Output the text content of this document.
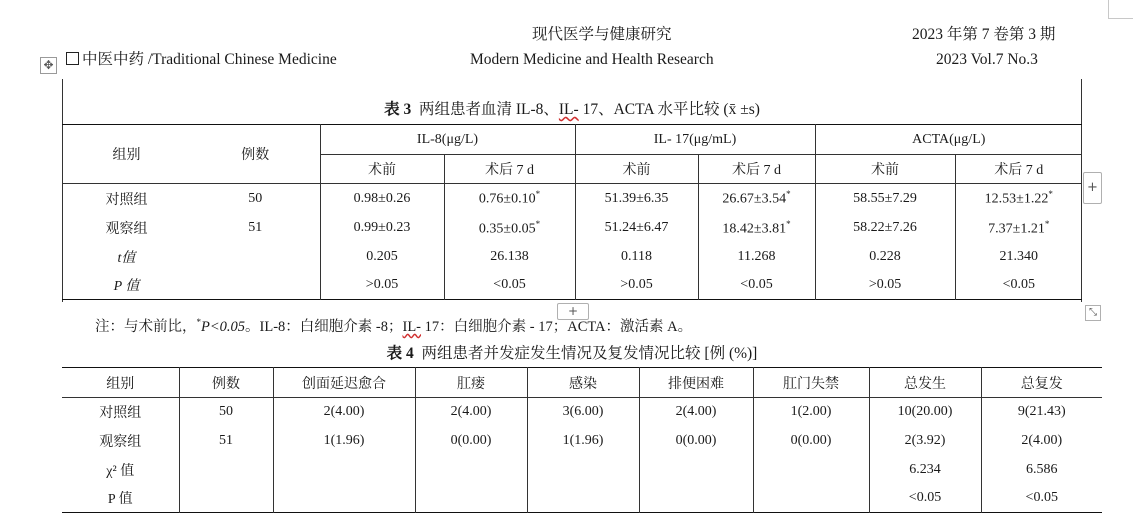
现代医学与健康研究
Modern Medicine and Health Research
2023 年第 7 卷第 3 期
2023 Vol.7 No.3
中医中药 /Traditional Chinese Medicine
✥
表 3 两组患者血清 IL-8、IL- 17、ACTA 水平比较 (x̄ ±s)
组别	例数	IL-8(μg/L)		IL- 17(μg/mL)		ACTA(μg/L)	
		术前	术后 7 d	术前	术后 7 d	术前	术后 7 d
对照组	50	0.98±0.26	0.76±0.10*	51.39±6.35	26.67±3.54*	58.55±7.29	12.53±1.22*
观察组	51	0.99±0.23	0.35±0.05*	51.24±6.47	18.42±3.81*	58.22±7.26	7.37±1.21*
t值		0.205	26.138	0.118	11.268	0.228	21.340
P 值		>0.05	<0.05	>0.05	<0.05	>0.05	<0.05
+
+	⤡
注：与术前比，*P<0.05。IL-8：白细胞介素 -8；IL- 17：白细胞介素 - 17；ACTA：激活素 A。
表 4 两组患者并发症发生情况及复发情况比较 [例 (%)]
组别	例数	创面延迟愈合	肛瘘	感染	排便困难	肛门失禁	总发生	总复发
对照组	50	2(4.00)	2(4.00)	3(6.00)	2(4.00)	1(2.00)	10(20.00)	9(21.43)
观察组	51	1(1.96)	0(0.00)	1(1.96)	0(0.00)	0(0.00)	2(3.92)	2(4.00)
χ² 值							6.234	6.586
P 值							<0.05	<0.05
